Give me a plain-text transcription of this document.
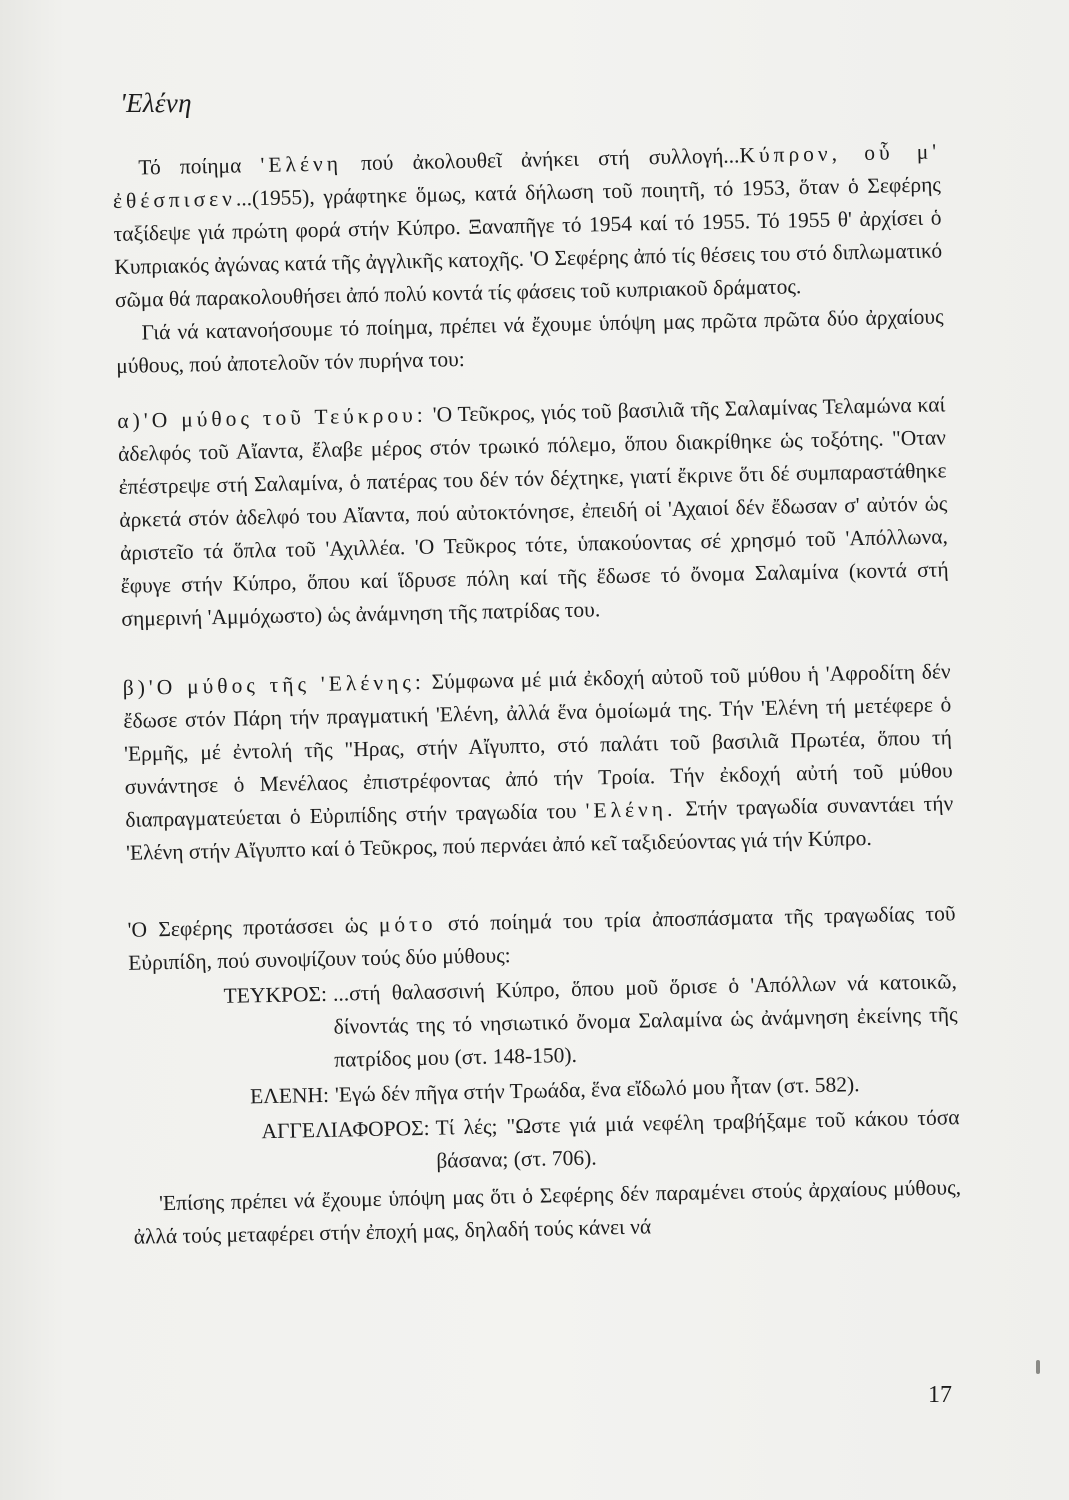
'Ελένη

Τό ποίημα 'Ελένη πού ἀκολουθεῖ ἀνήκει στή συλλογή...Κύπρον, οὗ μ' ἐθέσπισεν...(1955), γράφτηκε ὅμως, κατά δήλωση τοῦ ποιητῆ, τό 1953, ὅταν ὁ Σεφέρης ταξίδεψε γιά πρώτη φορά στήν Κύπρο. Ξαναπῆγε τό 1954 καί τό 1955. Τό 1955 θ' ἀρχίσει ὁ Κυπριακός ἀγώνας κατά τῆς ἀγγλικῆς κατοχῆς. 'Ο Σεφέρης ἀπό τίς θέσεις του στό διπλωματικό σῶμα θά παρακολουθήσει ἀπό πολύ κοντά τίς φάσεις τοῦ κυπριακοῦ δράματος.

Γιά νά κατανοήσουμε τό ποίημα, πρέπει νά ἔχουμε ὑπόψη μας πρῶτα πρῶτα δύο ἀρχαίους μύθους, πού ἀποτελοῦν τόν πυρήνα του:

α)'Ο μύθος τοῦ Τεύκρου: 'Ο Τεῦκρος, γιός τοῦ βασιλιᾶ τῆς Σαλαμίνας Τελαμώνα καί ἀδελφός τοῦ Αἴαντα, ἔλαβε μέρος στόν τρωικό πόλεμο, ὅπου διακρίθηκε ὡς τοξότης. "Οταν ἐπέστρεψε στή Σαλαμίνα, ὁ πατέρας του δέν τόν δέχτηκε, γιατί ἔκρινε ὅτι δέ συμπαραστάθηκε ἀρκετά στόν ἀδελφό του Αἴαντα, πού αὐτοκτόνησε, ἐπειδή οἱ 'Αχαιοί δέν ἔδωσαν σ' αὐτόν ὡς ἀριστεῖο τά ὅπλα τοῦ 'Αχιλλέα. 'Ο Τεῦκρος τότε, ὑπακούοντας σέ χρησμό τοῦ 'Απόλλωνα, ἔφυγε στήν Κύπρο, ὅπου καί ἵδρυσε πόλη καί τῆς ἔδωσε τό ὄνομα Σαλαμίνα (κοντά στή σημερινή 'Αμμόχωστο) ὡς ἀνάμνηση τῆς πατρίδας του.

β)'Ο μύθος τῆς 'Ελένης: Σύμφωνα μέ μιά ἐκδοχή αὐτοῦ τοῦ μύθου ἡ 'Αφροδίτη δέν ἔδωσε στόν Πάρη τήν πραγματική 'Ελένη, ἀλλά ἕνα ὁμοίωμά της. Τήν 'Ελένη τή μετέφερε ὁ 'Ερμῆς, μέ ἐντολή τῆς "Ηρας, στήν Αἴγυπτο, στό παλάτι τοῦ βασιλιᾶ Πρωτέα, ὅπου τή συνάντησε ὁ Μενέλαος ἐπιστρέφοντας ἀπό τήν Τροία. Τήν ἐκδοχή αὐτή τοῦ μύθου διαπραγματεύεται ὁ Εὐριπίδης στήν τραγωδία του 'Ελένη. Στήν τραγωδία συναντάει τήν 'Ελένη στήν Αἴγυπτο καί ὁ Τεῦκρος, πού περνάει ἀπό κεῖ ταξιδεύοντας γιά τήν Κύπρο.

'Ο Σεφέρης προτάσσει ὡς μότο στό ποίημά του τρία ἀποσπάσματα τῆς τραγωδίας τοῦ Εὐριπίδη, πού συνοψίζουν τούς δύο μύθους:

ΤΕΥΚΡΟΣ: ...στή θαλασσινή Κύπρο, ὅπου μοῦ ὅρισε ὁ 'Απόλλων νά κατοικῶ, δίνοντάς της τό νησιωτικό ὄνομα Σαλαμίνα ὡς ἀνάμνηση ἐκείνης τῆς πατρίδος μου (στ. 148-150).
ΕΛΕΝΗ: 'Εγώ δέν πῆγα στήν Τρωάδα, ἕνα εἴδωλό μου ἦταν (στ. 582).
ΑΓΓΕΛΙΑΦΟΡΟΣ: Τί λές; "Ωστε γιά μιά νεφέλη τραβήξαμε τοῦ κάκου τόσα βάσανα; (στ. 706).

'Επίσης πρέπει νά ἔχουμε ὑπόψη μας ὅτι ὁ Σεφέρης δέν παραμένει στούς ἀρχαίους μύθους, ἀλλά τούς μεταφέρει στήν ἐποχή μας, δηλαδή τούς κάνει νά

17
